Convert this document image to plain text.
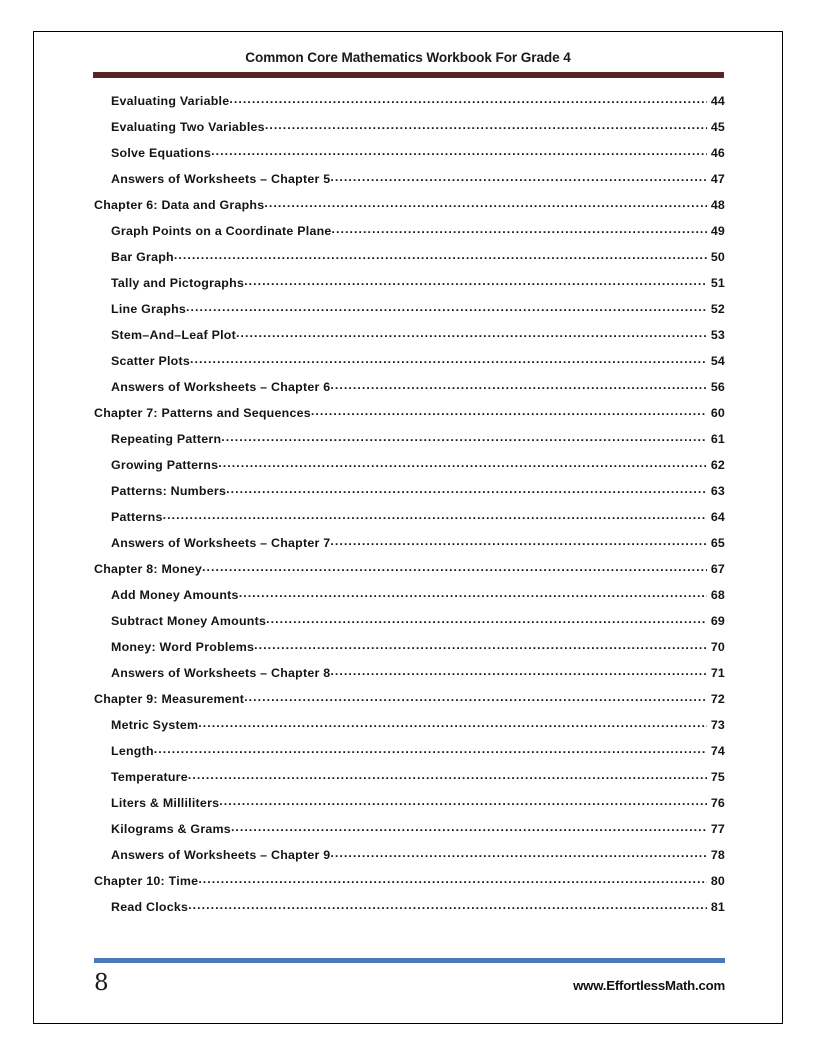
Common Core Mathematics Workbook For Grade 4
Evaluating Variable .....	44
Evaluating Two Variables .....	45
Solve Equations .....	46
Answers of Worksheets – Chapter 5 .....	47
Chapter 6: Data and Graphs .....	48
Graph Points on a Coordinate Plane .....	49
Bar Graph .....	50
Tally and Pictographs .....	51
Line Graphs .....	52
Stem–And–Leaf Plot .....	53
Scatter Plots .....	54
Answers of Worksheets – Chapter 6 .....	56
Chapter 7: Patterns and Sequences .....	60
Repeating Pattern .....	61
Growing Patterns .....	62
Patterns: Numbers .....	63
Patterns .....	64
Answers of Worksheets – Chapter 7 .....	65
Chapter 8: Money .....	67
Add Money Amounts .....	68
Subtract Money Amounts .....	69
Money: Word Problems .....	70
Answers of Worksheets – Chapter 8 .....	71
Chapter 9: Measurement .....	72
Metric System .....	73
Length .....	74
Temperature .....	75
Liters & Milliliters .....	76
Kilograms & Grams .....	77
Answers of Worksheets – Chapter 9 .....	78
Chapter 10: Time .....	80
Read Clocks .....	81
8	www.EffortlessMath.com
